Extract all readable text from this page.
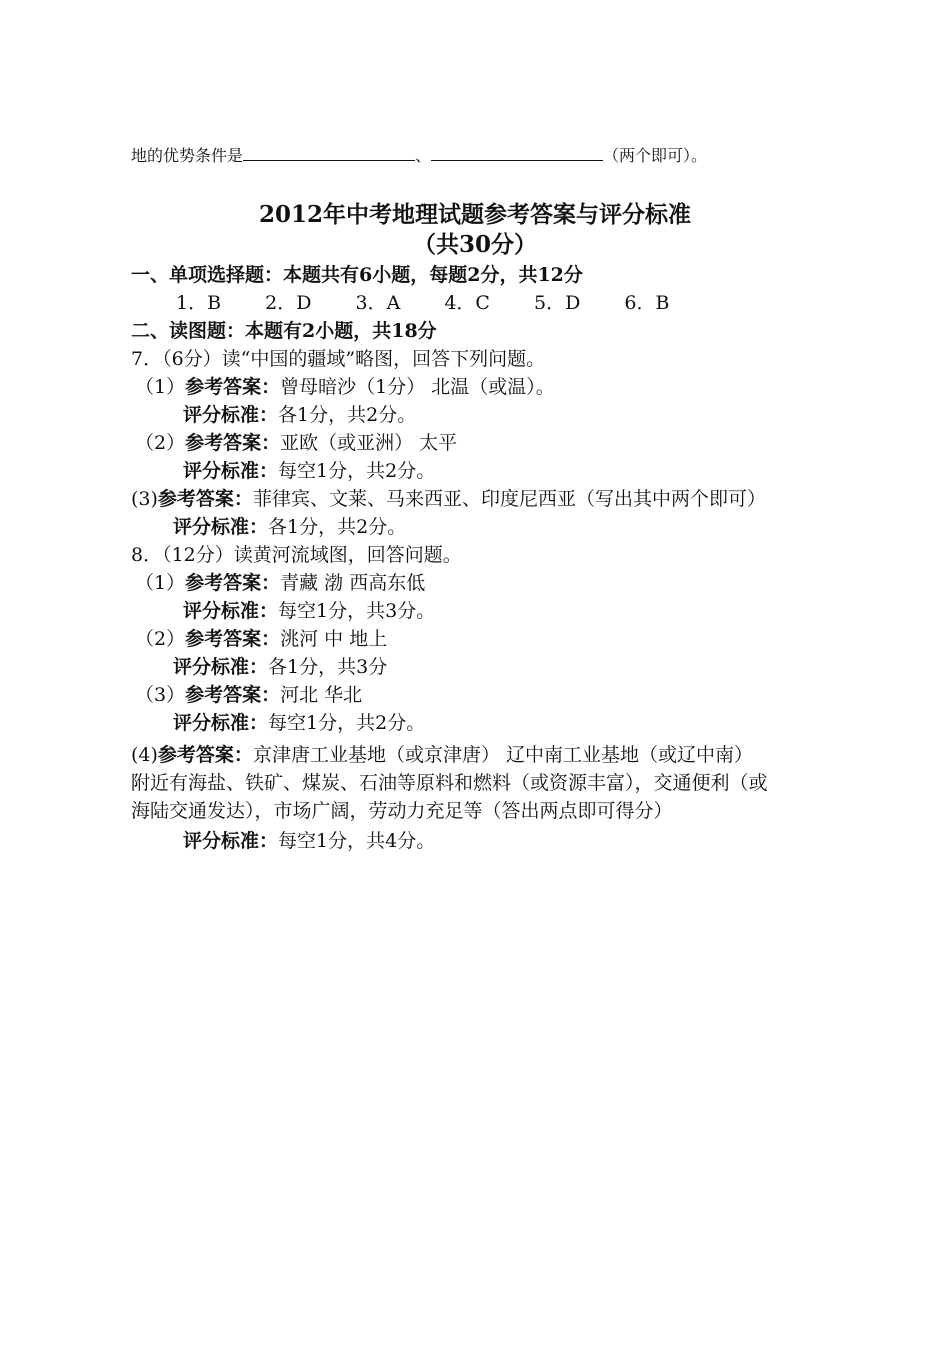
地的优势条件是	、	（两个即可）。
2012年中考地理试题参考答案与评分标准
（共30分）
一、单项选择题：本题共有6小题，每题2分，共12分
1．B 2．D 3．A 4．C 5．D 6．B
二、读图题：本题有2小题，共18分
7．（6分）读“中国的疆域”略图，回答下列问题。
（1）参考答案：曾母暗沙（1分） 北温（或温）。
评分标准：各1分，共2分。
（2）参考答案：亚欧（或亚洲） 太平
评分标准：每空1分，共2分。
(3)参考答案：菲律宾、文莱、马来西亚、印度尼西亚（写出其中两个即可）
评分标准：各1分，共2分。
8．（12分）读黄河流域图，回答问题。
（1）参考答案：青藏 渤 西高东低
评分标准：每空1分，共3分。
（2）参考答案：洮河 中 地上
评分标准：各1分，共3分
（3）参考答案：河北 华北
评分标准：每空1分，共2分。
(4)参考答案：京津唐工业基地（或京津唐） 辽中南工业基地（或辽中南）
附近有海盐、铁矿、煤炭、石油等原料和燃料（或资源丰富），交通便利（或
海陆交通发达），市场广阔，劳动力充足等（答出两点即可得分）
评分标准：每空1分，共4分。
